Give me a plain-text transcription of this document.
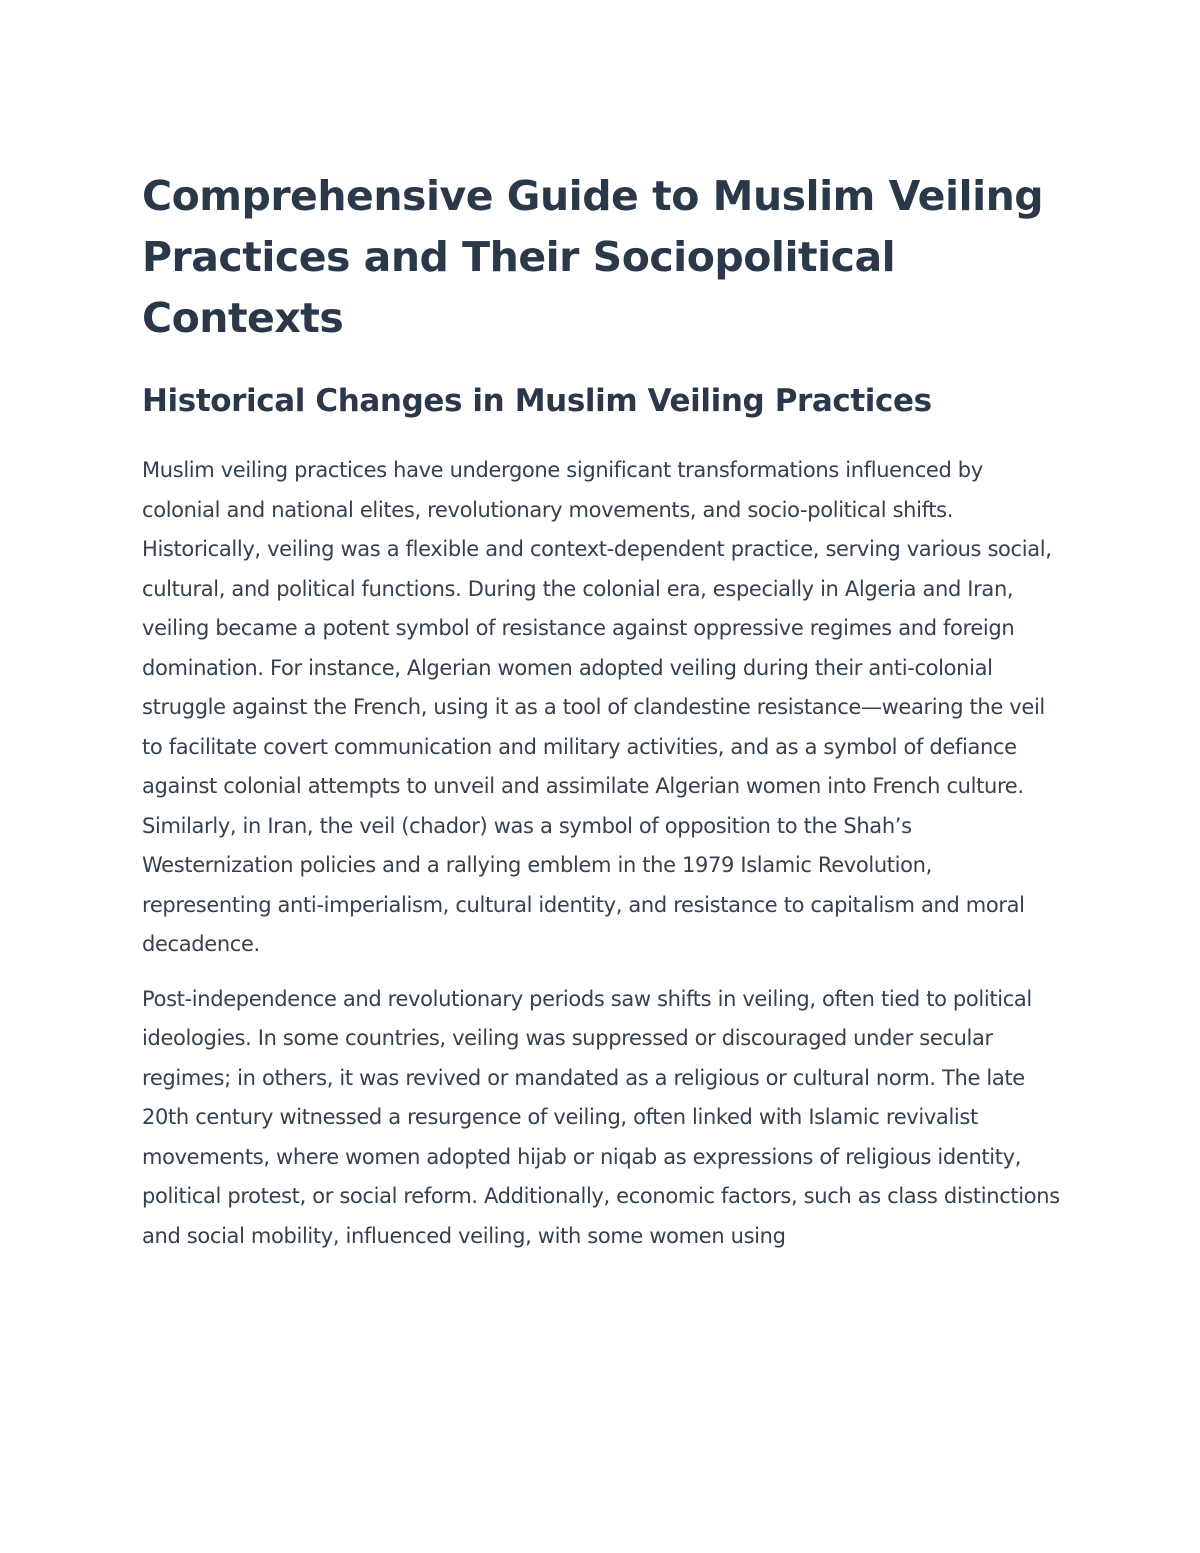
Comprehensive Guide to Muslim Veiling Practices and Their Sociopolitical Contexts
Historical Changes in Muslim Veiling Practices

Muslim veiling practices have undergone significant transformations influenced by colonial and national elites, revolutionary movements, and socio-political shifts. Historically, veiling was a flexible and context-dependent practice, serving various social, cultural, and political functions. During the colonial era, especially in Algeria and Iran, veiling became a potent symbol of resistance against oppressive regimes and foreign domination. For instance, Algerian women adopted veiling during their anti-colonial struggle against the French, using it as a tool of clandestine resistance—wearing the veil to facilitate covert communication and military activities, and as a symbol of defiance against colonial attempts to unveil and assimilate Algerian women into French culture. Similarly, in Iran, the veil (chador) was a symbol of opposition to the Shah’s Westernization policies and a rallying emblem in the 1979 Islamic Revolution, representing anti-imperialism, cultural identity, and resistance to capitalism and moral decadence.

Post-independence and revolutionary periods saw shifts in veiling, often tied to political ideologies. In some countries, veiling was suppressed or discouraged under secular regimes; in others, it was revived or mandated as a religious or cultural norm. The late 20th century witnessed a resurgence of veiling, often linked with Islamic revivalist movements, where women adopted hijab or niqab as expressions of religious identity, political protest, or social reform. Additionally, economic factors, such as class distinctions and social mobility, influenced veiling, with some women using
